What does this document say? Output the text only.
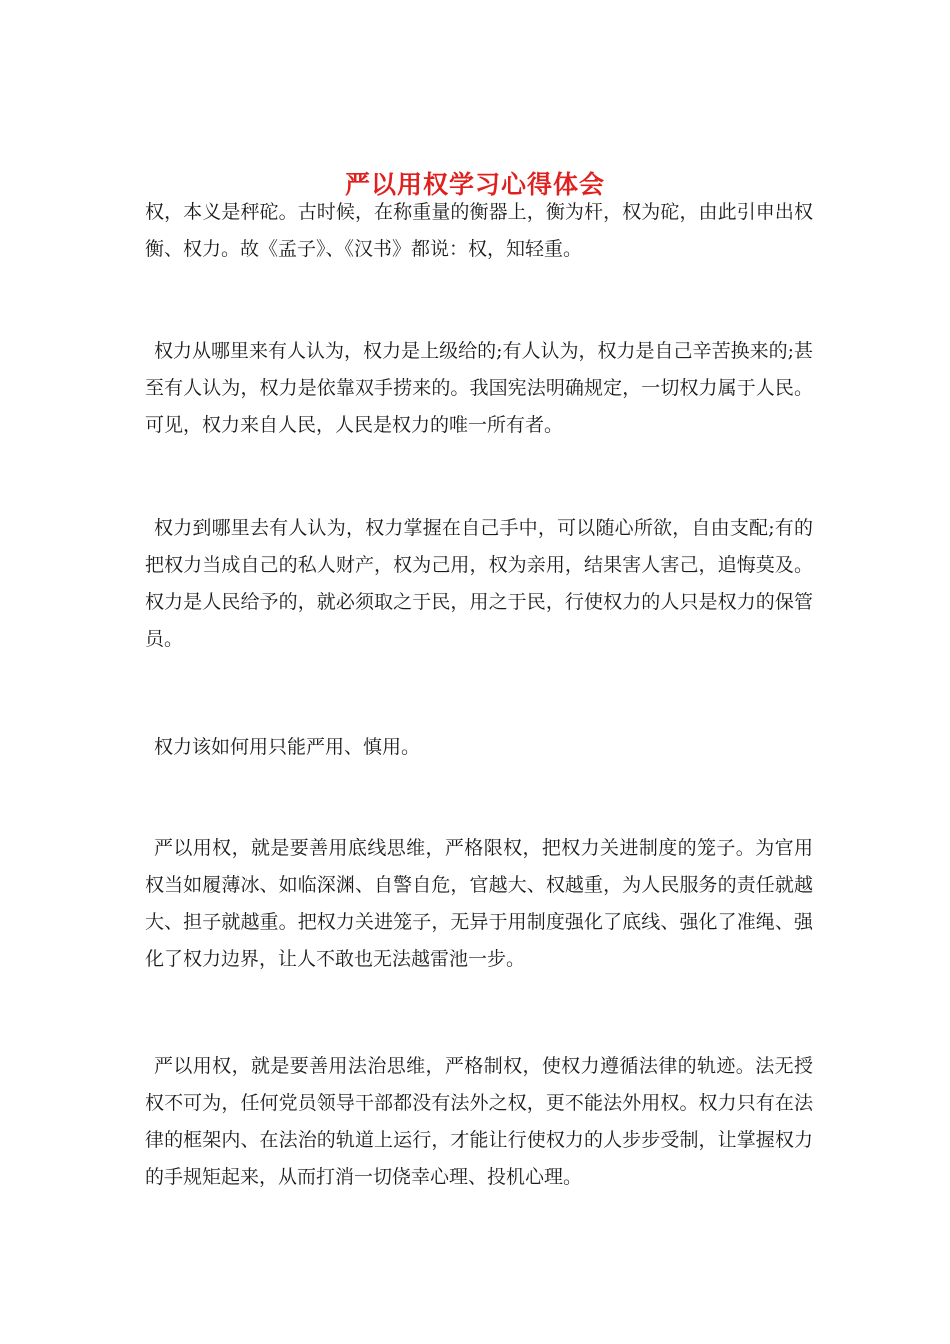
严以用权学习心得体会

权，本义是秤砣。古时候，在称重量的衡器上，衡为杆，权为砣，由此引申出权衡、权力。故《孟子》、《汉书》都说：权，知轻重。

权力从哪里来有人认为，权力是上级给的;有人认为，权力是自己辛苦换来的;甚至有人认为，权力是依靠双手捞来的。我国宪法明确规定，一切权力属于人民。可见，权力来自人民，人民是权力的唯一所有者。

权力到哪里去有人认为，权力掌握在自己手中，可以随心所欲，自由支配;有的把权力当成自己的私人财产，权为己用，权为亲用，结果害人害己，追悔莫及。权力是人民给予的，就必须取之于民，用之于民，行使权力的人只是权力的保管员。

权力该如何用只能严用、慎用。

严以用权，就是要善用底线思维，严格限权，把权力关进制度的笼子。为官用权当如履薄冰、如临深渊、自警自危，官越大、权越重，为人民服务的责任就越大、担子就越重。把权力关进笼子，无异于用制度强化了底线、强化了准绳、强化了权力边界，让人不敢也无法越雷池一步。

严以用权，就是要善用法治思维，严格制权，使权力遵循法律的轨迹。法无授权不可为，任何党员领导干部都没有法外之权，更不能法外用权。权力只有在法律的框架内、在法治的轨道上运行，才能让行使权力的人步步受制，让掌握权力的手规矩起来，从而打消一切侥幸心理、投机心理。
